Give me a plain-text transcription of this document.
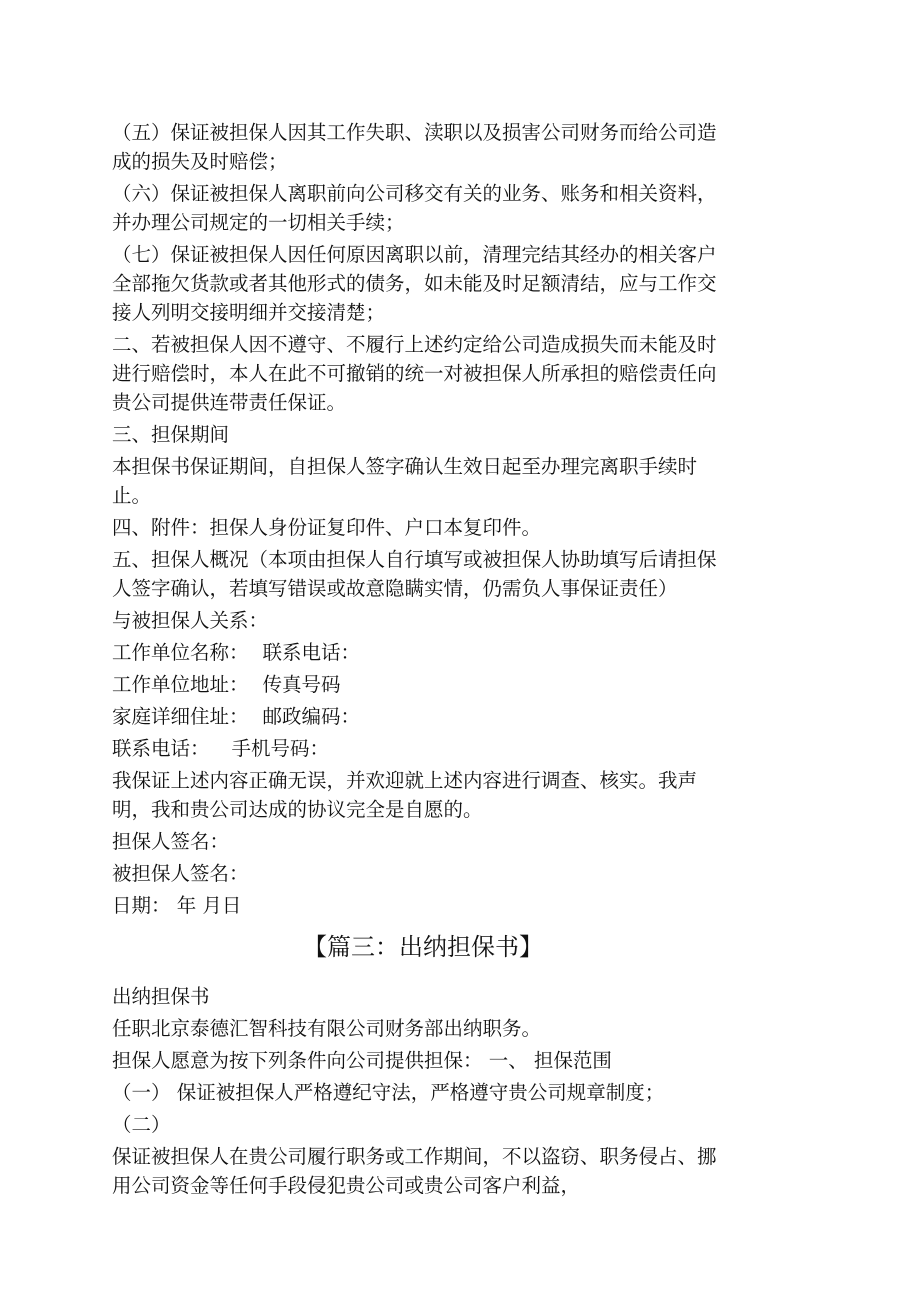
（五）保证被担保人因其工作失职、渎职以及损害公司财务而给公司造成的损失及时赔偿；

（六）保证被担保人离职前向公司移交有关的业务、账务和相关资料，并办理公司规定的一切相关手续；

（七）保证被担保人因任何原因离职以前，清理完结其经办的相关客户全部拖欠货款或者其他形式的债务，如未能及时足额清结，应与工作交接人列明交接明细并交接清楚；

二、若被担保人因不遵守、不履行上述约定给公司造成损失而未能及时进行赔偿时，本人在此不可撤销的统一对被担保人所承担的赔偿责任向贵公司提供连带责任保证。

三、担保期间

本担保书保证期间，自担保人签字确认生效日起至办理完离职手续时止。

四、附件：担保人身份证复印件、户口本复印件。

五、担保人概况（本项由担保人自行填写或被担保人协助填写后请担保人签字确认，若填写错误或故意隐瞒实情，仍需负人事保证责任）

与被担保人关系：

工作单位名称： 联系电话：

工作单位地址： 传真号码

家庭详细住址： 邮政编码：

联系电话： 手机号码：

我保证上述内容正确无误，并欢迎就上述内容进行调查、核实。我声明，我和贵公司达成的协议完全是自愿的。

担保人签名：

被担保人签名：

日期： 年 月日

【篇三：出纳担保书】

出纳担保书

任职北京泰德汇智科技有限公司财务部出纳职务。

担保人愿意为按下列条件向公司提供担保： 一、 担保范围

（一） 保证被担保人严格遵纪守法，严格遵守贵公司规章制度；

（二）

保证被担保人在贵公司履行职务或工作期间，不以盗窃、职务侵占、挪用公司资金等任何手段侵犯贵公司或贵公司客户利益，
